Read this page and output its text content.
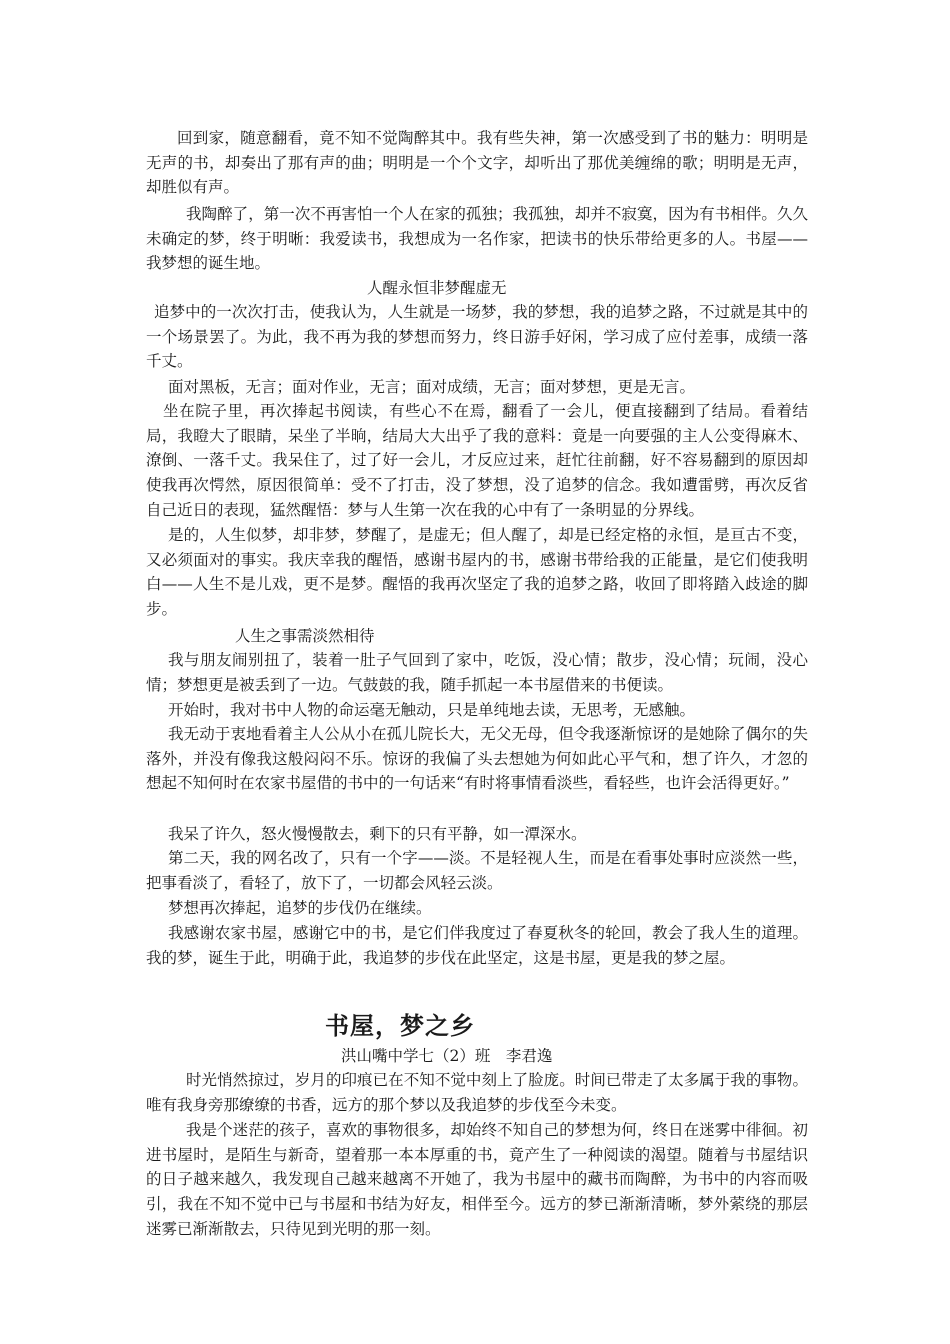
回到家，随意翻看，竟不知不觉陶醉其中。我有些失神，第一次感受到了书的魅力：明明是无声的书，却奏出了那有声的曲；明明是一个个文字，却听出了那优美缠绵的歌；明明是无声，却胜似有声。

我陶醉了，第一次不再害怕一个人在家的孤独；我孤独，却并不寂寞，因为有书相伴。久久未确定的梦，终于明晰：我爱读书，我想成为一名作家，把读书的快乐带给更多的人。书屋——我梦想的诞生地。

人醒永恒非梦醒虚无

追梦中的一次次打击，使我认为，人生就是一场梦，我的梦想，我的追梦之路，不过就是其中的一个场景罢了。为此，我不再为我的梦想而努力，终日游手好闲，学习成了应付差事，成绩一落千丈。

面对黑板，无言；面对作业，无言；面对成绩，无言；面对梦想，更是无言。

坐在院子里，再次捧起书阅读，有些心不在焉，翻看了一会儿，便直接翻到了结局。看着结局，我瞪大了眼睛，呆坐了半晌，结局大大出乎了我的意料：竟是一向要强的主人公变得麻木、潦倒、一落千丈。我呆住了，过了好一会儿，才反应过来，赶忙往前翻，好不容易翻到的原因却使我再次愕然，原因很简单：受不了打击，没了梦想，没了追梦的信念。我如遭雷劈，再次反省自己近日的表现，猛然醒悟：梦与人生第一次在我的心中有了一条明显的分界线。

是的，人生似梦，却非梦，梦醒了，是虚无；但人醒了，却是已经定格的永恒，是亘古不变，又必须面对的事实。我庆幸我的醒悟，感谢书屋内的书，感谢书带给我的正能量，是它们使我明白——人生不是儿戏，更不是梦。醒悟的我再次坚定了我的追梦之路，收回了即将踏入歧途的脚步。

人生之事需淡然相待

我与朋友闹别扭了，装着一肚子气回到了家中，吃饭，没心情；散步，没心情；玩闹，没心情；梦想更是被丢到了一边。气鼓鼓的我，随手抓起一本书屋借来的书便读。

开始时，我对书中人物的命运毫无触动，只是单纯地去读，无思考，无感触。

我无动于衷地看着主人公从小在孤儿院长大，无父无母，但令我逐渐惊讶的是她除了偶尔的失落外，并没有像我这般闷闷不乐。惊讶的我偏了头去想她为何如此心平气和，想了许久，才忽的想起不知何时在农家书屋借的书中的一句话来“有时将事情看淡些，看轻些，也许会活得更好。”

我呆了许久，怒火慢慢散去，剩下的只有平静，如一潭深水。

第二天，我的网名改了，只有一个字——淡。不是轻视人生，而是在看事处事时应淡然一些，把事看淡了，看轻了，放下了，一切都会风轻云淡。

梦想再次捧起，追梦的步伐仍在继续。

我感谢农家书屋，感谢它中的书，是它们伴我度过了春夏秋冬的轮回，教会了我人生的道理。我的梦，诞生于此，明确于此，我追梦的步伐在此坚定，这是书屋，更是我的梦之屋。

书屋，梦之乡

洪山嘴中学七（2）班　李君逸

时光悄然掠过，岁月的印痕已在不知不觉中刻上了脸庞。时间已带走了太多属于我的事物。唯有我身旁那缭缭的书香，远方的那个梦以及我追梦的步伐至今未变。

我是个迷茫的孩子，喜欢的事物很多，却始终不知自己的梦想为何，终日在迷雾中徘徊。初进书屋时，是陌生与新奇，望着那一本本厚重的书，竟产生了一种阅读的渴望。随着与书屋结识的日子越来越久，我发现自己越来越离不开她了，我为书屋中的藏书而陶醉，为书中的内容而吸引，我在不知不觉中已与书屋和书结为好友，相伴至今。远方的梦已渐渐清晰，梦外萦绕的那层迷雾已渐渐散去，只待见到光明的那一刻。
